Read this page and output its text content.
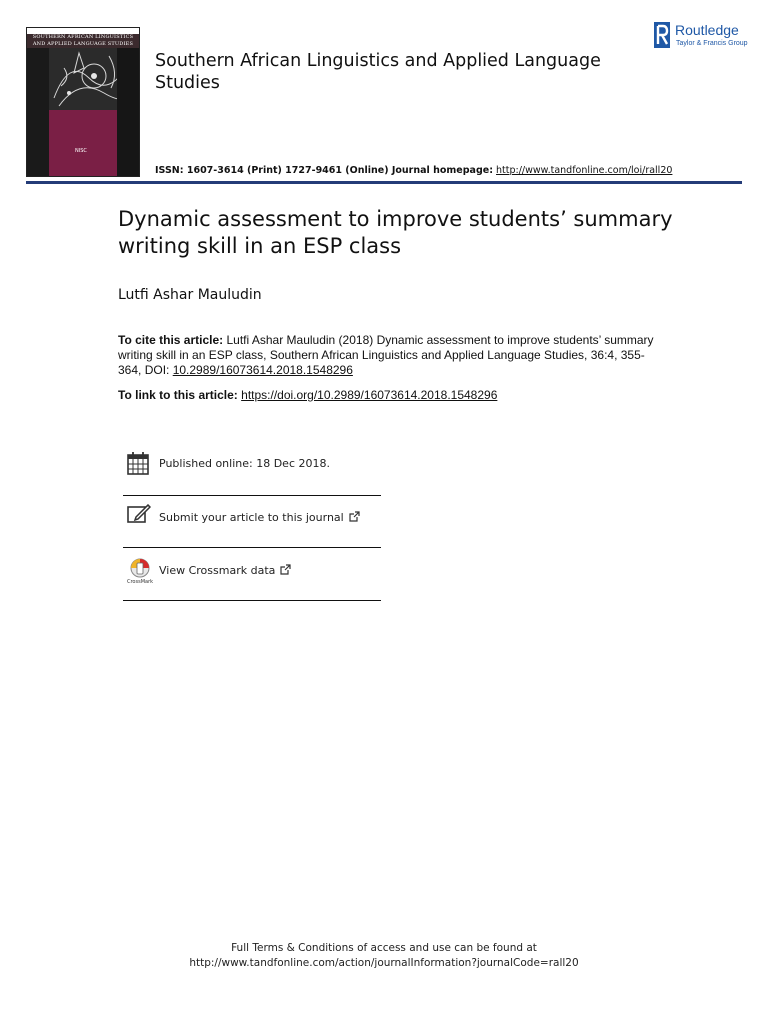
SOUTHERN AFRICAN LINGUISTICS AND APPLIED LANGUAGE STUDIES
NISC
Southern African Linguistics and Applied Language Studies
Routledge
Taylor & Francis Group
ISSN: 1607-3614 (Print) 1727-9461 (Online) Journal homepage: http://www.tandfonline.com/loi/rall20
Dynamic assessment to improve students’ summary writing skill in an ESP class
Lutfi Ashar Mauludin
To cite this article: Lutfi Ashar Mauludin (2018) Dynamic assessment to improve students’ summary writing skill in an ESP class, Southern African Linguistics and Applied Language Studies, 36:4, 355-364, DOI: 10.2989/16073614.2018.1548296
To link to this article: https://doi.org/10.2989/16073614.2018.1548296
Published online: 18 Dec 2018.
Submit your article to this journal
CrossMark
View Crossmark data
Full Terms & Conditions of access and use can be found at
http://www.tandfonline.com/action/journalInformation?journalCode=rall20
